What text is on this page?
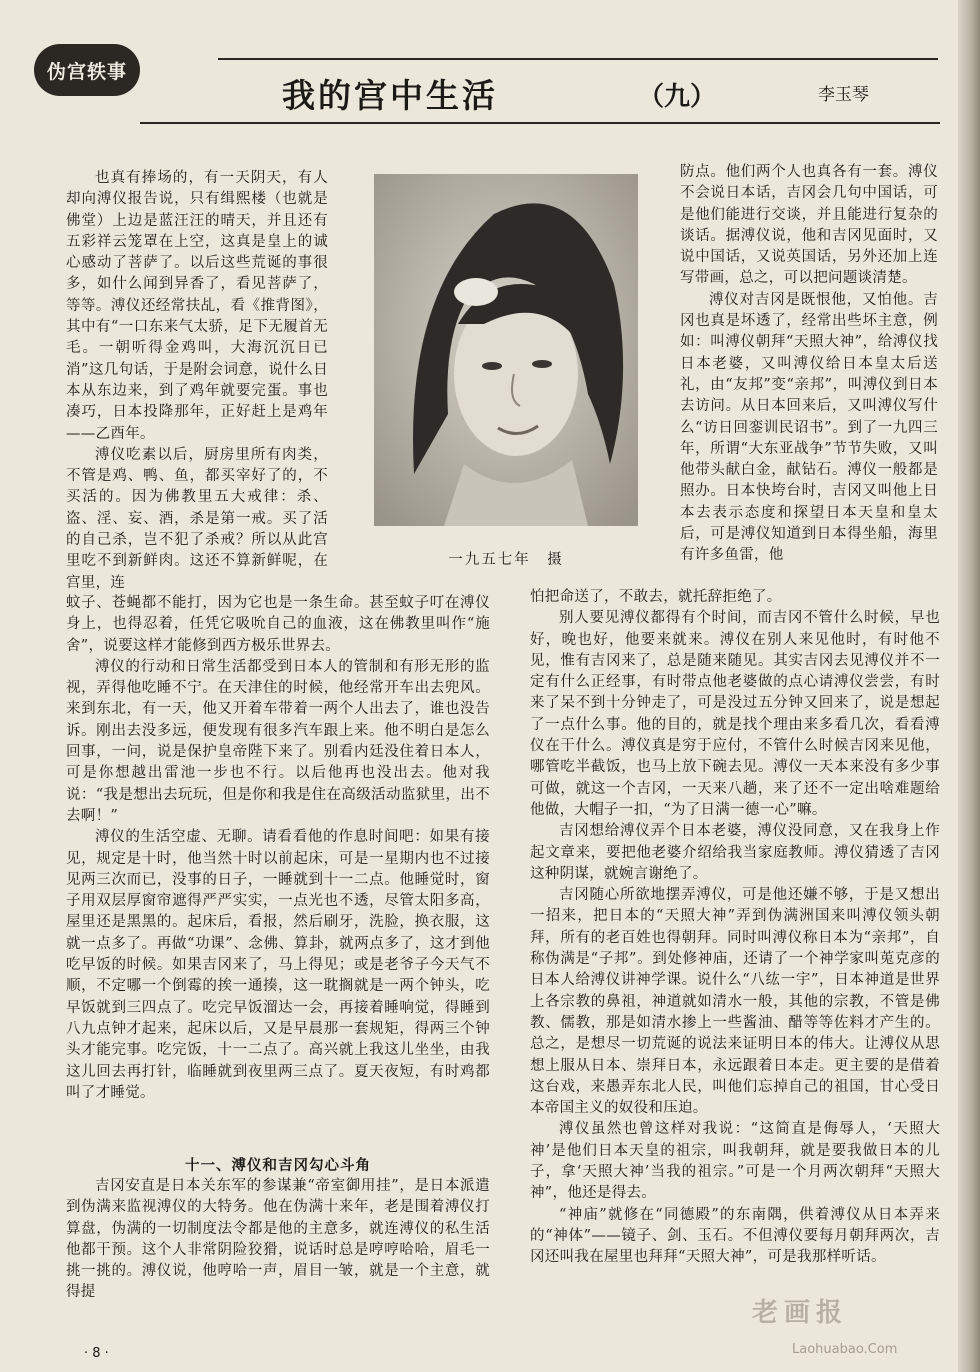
伪宫轶事
我的宫中生活	（九）	李玉琴

也真有捧场的，有一天阴天，有人却向溥仪报告说，只有缉熙楼（也就是佛堂）上边是蓝汪汪的晴天，并且还有五彩祥云笼罩在上空，这真是皇上的诚心感动了菩萨了。以后这些荒诞的事很多，如什么闻到异香了，看见菩萨了，等等。溥仪还经常扶乩，看《推背图》，其中有“一口东来气太骄，足下无履首无毛。一朝听得金鸡叫，大海沉沉日已消”这几句话，于是附会词意，说什么日本从东边来，到了鸡年就要完蛋。事也凑巧，日本投降那年，正好赶上是鸡年——乙酉年。

溥仪吃素以后，厨房里所有肉类，不管是鸡、鸭、鱼，都买宰好了的，不买活的。因为佛教里五大戒律：杀、盗、淫、妄、酒，杀是第一戒。买了活的自己杀，岂不犯了杀戒？所以从此宫里吃不到新鲜肉。这还不算新鲜呢，在宫里，连

一九五七年　摄

防点。他们两个人也真各有一套。溥仪不会说日本话，吉冈会几句中国话，可是他们能进行交谈，并且能进行复杂的谈话。据溥仪说，他和吉冈见面时，又说中国话，又说英国话，另外还加上连写带画，总之，可以把问题谈清楚。

溥仪对吉冈是既恨他，又怕他。吉冈也真是坏透了，经常出些坏主意，例如：叫溥仪朝拜“天照大神”，给溥仪找日本老婆，又叫溥仪给日本皇太后送礼，由“友邦”变“亲邦”，叫溥仪到日本去访问。从日本回来后，又叫溥仪写什么“访日回銮训民诏书”。到了一九四三年，所谓“大东亚战争”节节失败，又叫他带头献白金，献钻石。溥仪一般都是照办。日本快垮台时，吉冈又叫他上日本去表示态度和探望日本天皇和皇太后，可是溥仪知道到日本得坐船，海里有许多鱼雷，他

蚊子、苍蝇都不能打，因为它也是一条生命。甚至蚊子叮在溥仪身上，也得忍着，任凭它吸吮自己的血液，这在佛教里叫作“施舍”，说要这样才能修到西方极乐世界去。

溥仪的行动和日常生活都受到日本人的管制和有形无形的监视，弄得他吃睡不宁。在天津住的时候，他经常开车出去兜风。来到东北，有一天，他又开着车带着一两个人出去了，谁也没告诉。刚出去没多远，便发现有很多汽车跟上来。他不明白是怎么回事，一问，说是保护皇帝陛下来了。别看内廷没住着日本人，可是你想越出雷池一步也不行。以后他再也没出去。他对我说：“我是想出去玩玩，但是你和我是住在高级活动监狱里，出不去啊！”

溥仪的生活空虚、无聊。请看看他的作息时间吧：如果有接见，规定是十时，他当然十时以前起床，可是一星期内也不过接见两三次而已，没事的日子，一睡就到十一二点。他睡觉时，窗子用双层厚窗帘遮得严严实实，一点光也不透，尽管太阳多高，屋里还是黑黑的。起床后，看报，然后刷牙，洗脸，换衣服，这就一点多了。再做“功课”、念佛、算卦，就两点多了，这才到他吃早饭的时候。如果吉冈来了，马上得见；或是老爷子今天气不顺，不定哪一个倒霉的挨一通揍，这一耽搁就是一两个钟头，吃早饭就到三四点了。吃完早饭溜达一会，再接着睡响觉，得睡到八九点钟才起来，起床以后，又是早晨那一套规矩，得两三个钟头才能完事。吃完饭，十一二点了。高兴就上我这儿坐坐，由我这儿回去再打针，临睡就到夜里两三点了。夏天夜短，有时鸡都叫了才睡觉。

十一、溥仪和吉冈勾心斗角

吉冈安直是日本关东军的参谋兼“帝室御用挂”，是日本派遣到伪满来监视溥仪的大特务。他在伪满十来年，老是围着溥仪打算盘，伪满的一切制度法令都是他的主意多，就连溥仪的私生活他都干预。这个人非常阴险狡猾，说话时总是哼哼哈哈，眉毛一挑一挑的。溥仪说，他哼哈一声，眉目一皱，就是一个主意，就得提

怕把命送了，不敢去，就托辞拒绝了。

别人要见溥仪都得有个时间，而吉冈不管什么时候，早也好，晚也好，他要来就来。溥仪在别人来见他时，有时他不见，惟有吉冈来了，总是随来随见。其实吉冈去见溥仪并不一定有什么正经事，有时带点他老婆做的点心请溥仪尝尝，有时来了呆不到十分钟走了，可是没过五分钟又回来了，说是想起了一点什么事。他的目的，就是找个理由来多看几次，看看溥仪在干什么。溥仪真是穷于应付，不管什么时候吉冈来见他，哪管吃半截饭，也马上放下碗去见。溥仪一天本来没有多少事可做，就这一个吉冈，一天来八趟，来了还不一定出啥难题给他做，大帽子一扣，“为了日满一德一心”嘛。

吉冈想给溥仪弄个日本老婆，溥仪没同意，又在我身上作起文章来，要把他老婆介绍给我当家庭教师。溥仪猜透了吉冈这种阴谋，就婉言谢绝了。

吉冈随心所欲地摆弄溥仪，可是他还嫌不够，于是又想出一招来，把日本的“天照大神”弄到伪满洲国来叫溥仪领头朝拜，所有的老百姓也得朝拜。同时叫溥仪称日本为“亲邦”，自称伪满是“子邦”。到处修神庙，还请了一个神学家叫莵克彦的日本人给溥仪讲神学课。说什么“八纮一宇”，日本神道是世界上各宗教的鼻祖，神道就如清水一般，其他的宗教，不管是佛教、儒教，那是如清水掺上一些酱油、醋等等佐料才产生的。总之，是想尽一切荒诞的说法来证明日本的伟大。让溥仪从思想上服从日本、崇拜日本，永远跟着日本走。更主要的是借着这台戏，来愚弄东北人民，叫他们忘掉自己的祖国，甘心受日本帝国主义的奴役和压迫。

溥仪虽然也曾这样对我说：“这简直是侮辱人，‘天照大神’是他们日本天皇的祖宗，叫我朝拜，就是要我做日本的儿子，拿‘天照大神’当我的祖宗。”可是一个月两次朝拜“天照大神”，他还是得去。

“神庙”就修在“同德殿”的东南隅，供着溥仪从日本弄来的“神体”——镜子、剑、玉石。不但溥仪要每月朝拜两次，吉冈还叫我在屋里也拜拜“天照大神”，可是我那样听话。

· 8 ·
老画报
Laohuabao.Com
